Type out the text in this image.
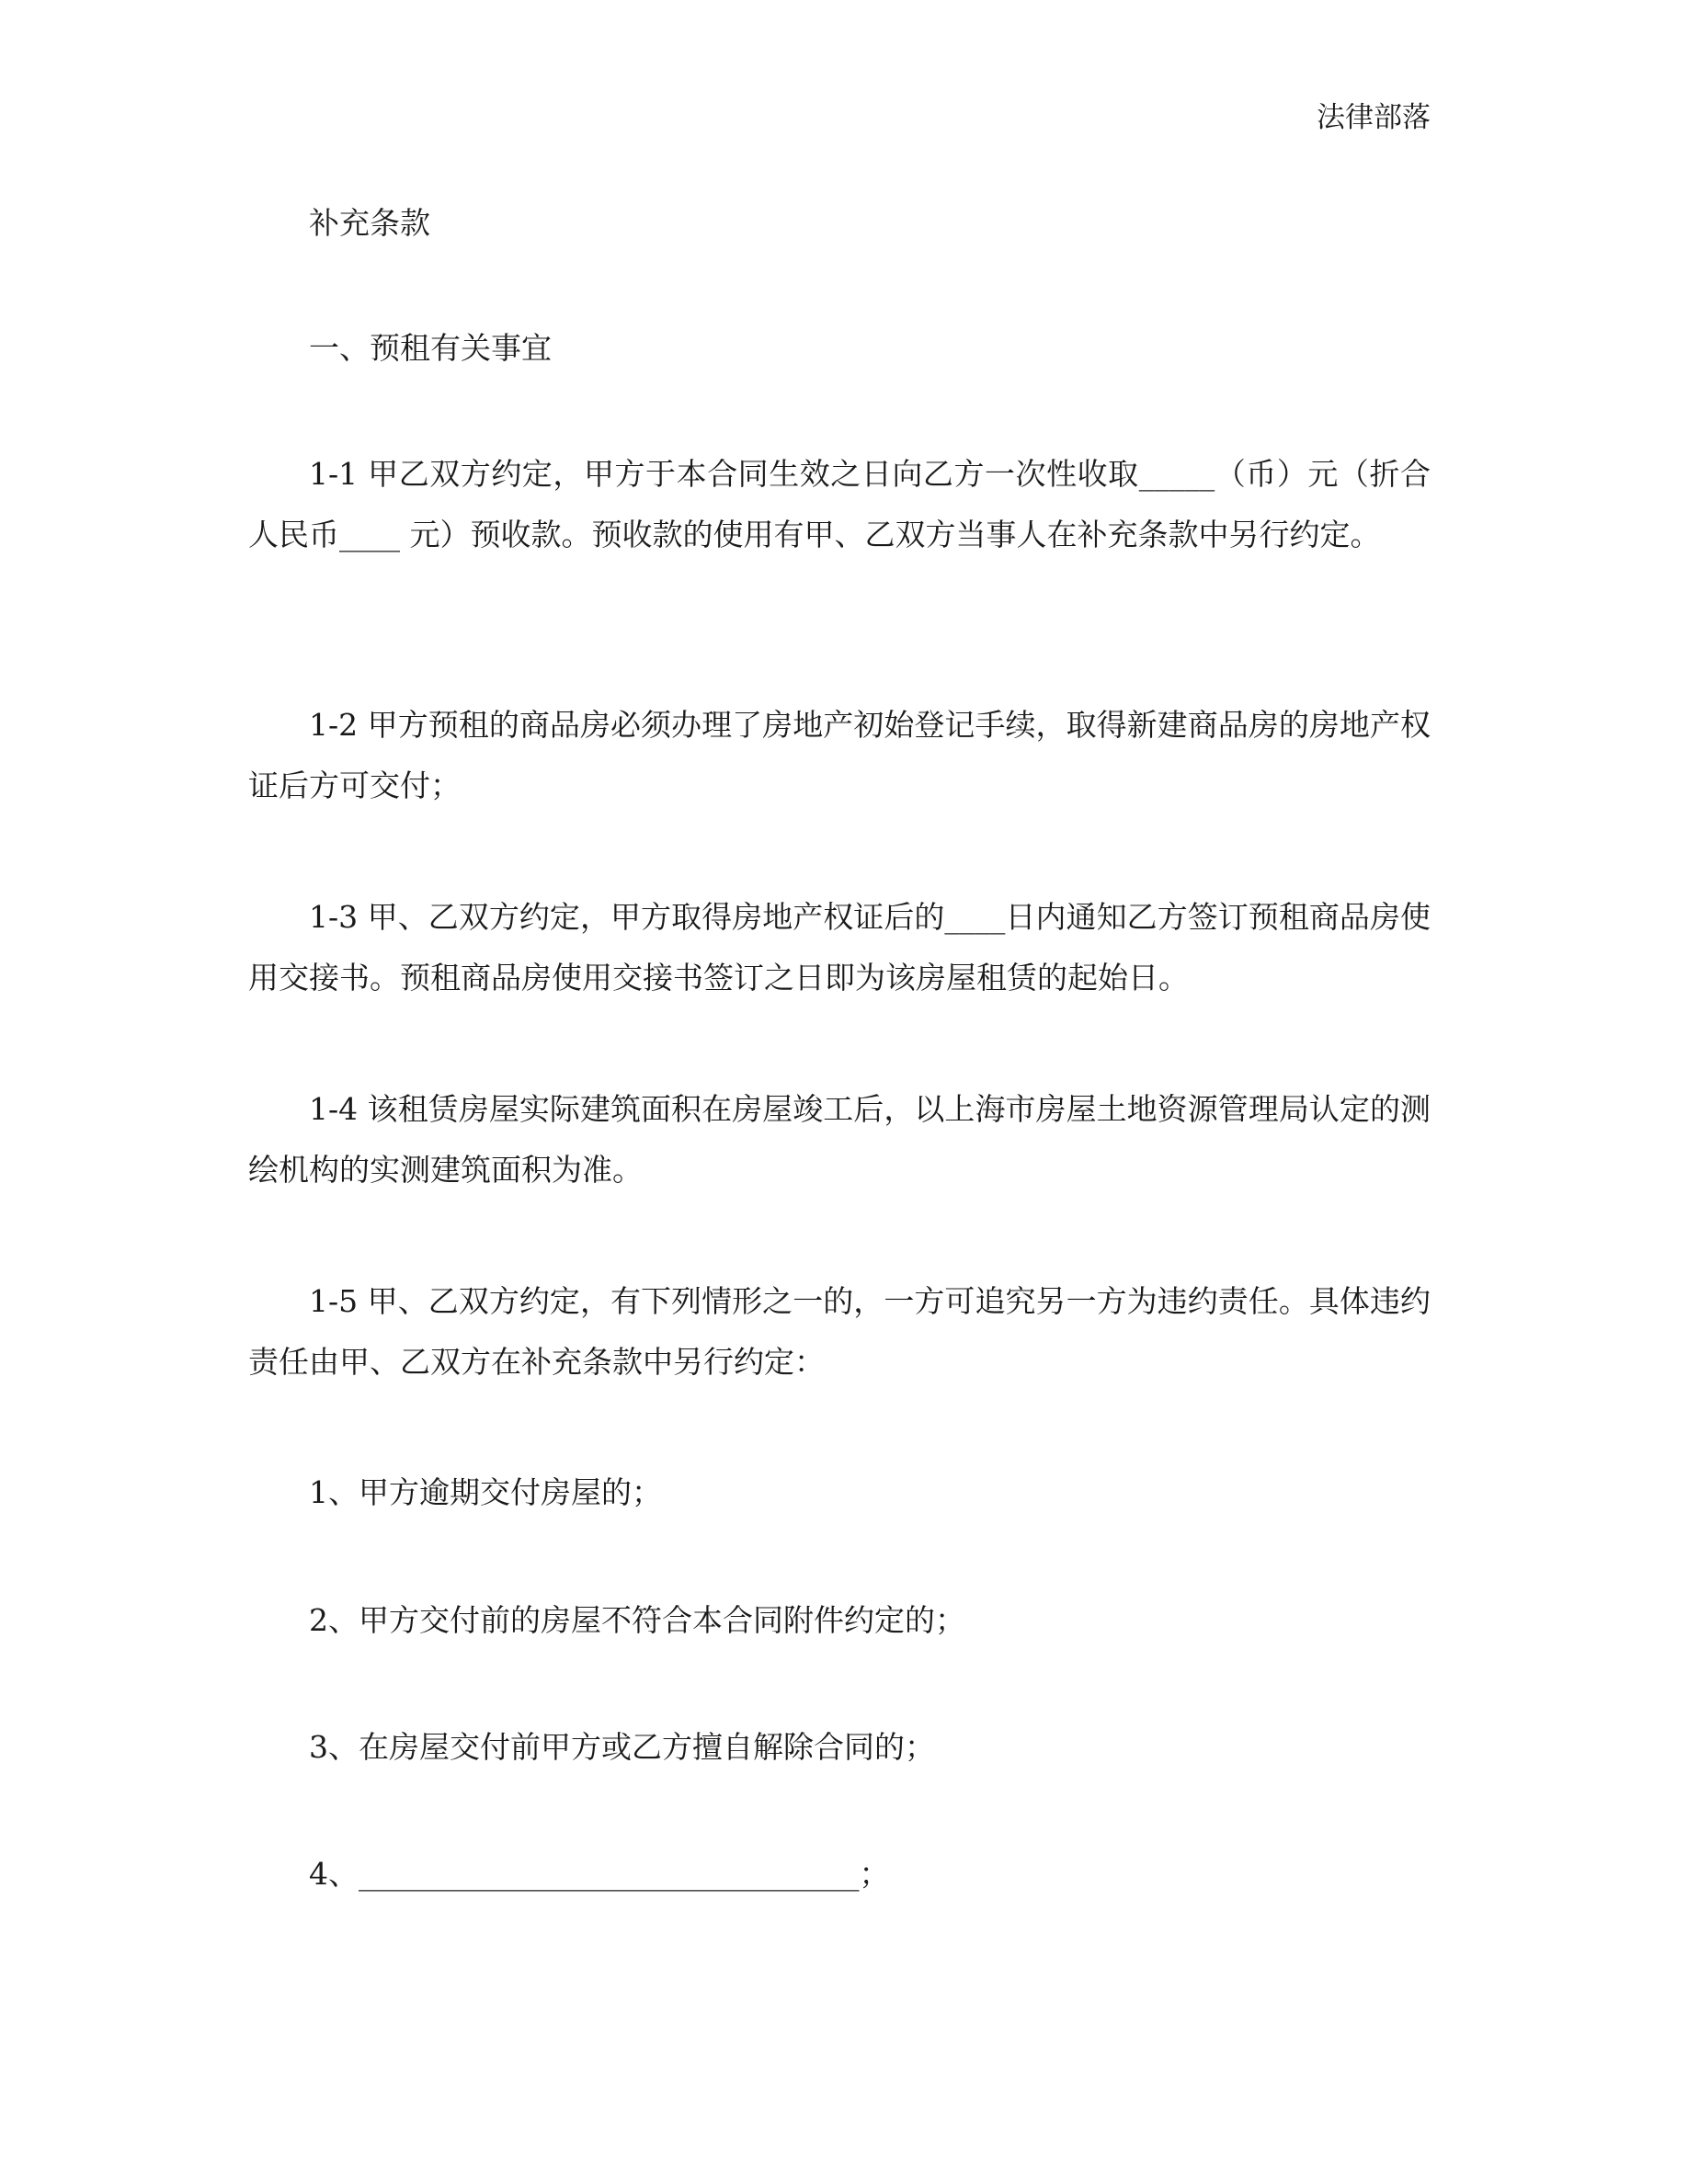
法律部落
补充条款
一、预租有关事宜
1-1 甲乙双方约定，甲方于本合同生效之日向乙方一次性收取_____（币）元（折合人民币____ 元）预收款。预收款的使用有甲、乙双方当事人在补充条款中另行约定。
1-2 甲方预租的商品房必须办理了房地产初始登记手续，取得新建商品房的房地产权证后方可交付；
1-3 甲、乙双方约定，甲方取得房地产权证后的____日内通知乙方签订预租商品房使用交接书。预租商品房使用交接书签订之日即为该房屋租赁的起始日。
1-4 该租赁房屋实际建筑面积在房屋竣工后，以上海市房屋土地资源管理局认定的测绘机构的实测建筑面积为准。
1-5 甲、乙双方约定，有下列情形之一的，一方可追究另一方为违约责任。具体违约责任由甲、乙双方在补充条款中另行约定：
1、甲方逾期交付房屋的；
2、甲方交付前的房屋不符合本合同附件约定的；
3、在房屋交付前甲方或乙方擅自解除合同的；
4、_________________________________；
